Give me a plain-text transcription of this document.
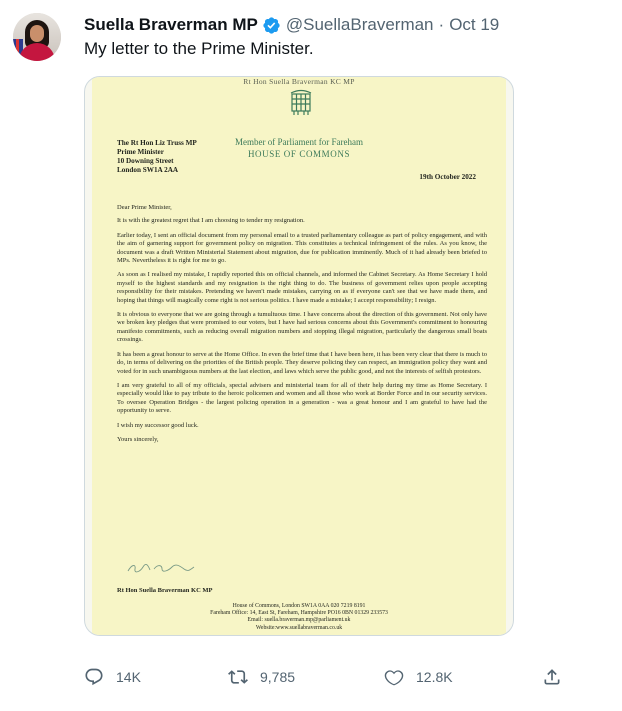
Suella Braverman MP @SuellaBraverman · Oct 19
My letter to the Prime Minister.
Rt Hon Suella Braverman KC MP
Member of Parliament for Fareham
HOUSE OF COMMONS
The Rt Hon Liz Truss MP
Prime Minister
10 Downing Street
London SW1A 2AA
19th October 2022

Dear Prime Minister,

It is with the greatest regret that I am choosing to tender my resignation.

Earlier today, I sent an official document from my personal email to a trusted parliamentary colleague as part of policy engagement, and with the aim of garnering support for government policy on migration. This constitutes a technical infringement of the rules. As you know, the document was a draft Written Ministerial Statement about migration, due for publication imminently. Much of it had already been briefed to MPs. Nevertheless it is right for me to go.

As soon as I realised my mistake, I rapidly reported this on official channels, and informed the Cabinet Secretary. As Home Secretary I hold myself to the highest standards and my resignation is the right thing to do. The business of government relies upon people accepting responsibility for their mistakes. Pretending we haven't made mistakes, carrying on as if everyone can't see that we have made them, and hoping that things will magically come right is not serious politics. I have made a mistake; I accept responsibility; I resign.

It is obvious to everyone that we are going through a tumultuous time. I have concerns about the direction of this government. Not only have we broken key pledges that were promised to our voters, but I have had serious concerns about this Government's commitment to honouring manifesto commitments, such as reducing overall migration numbers and stopping illegal migration, particularly the dangerous small boats crossings.

It has been a great honour to serve at the Home Office. In even the brief time that I have been here, it has been very clear that there is much to do, in terms of delivering on the priorities of the British people. They deserve policing they can respect, an immigration policy they want and voted for in such unambiguous numbers at the last election, and laws which serve the public good, and not the interests of selfish protestors.

I am very grateful to all of my officials, special advisers and ministerial team for all of their help during my time as Home Secretary. I especially would like to pay tribute to the heroic policemen and women and all those who work at Border Force and in our security services. To oversee Operation Bridges - the largest policing operation in a generation - was a great honour and I am grateful to have had the opportunity to serve.

I wish my successor good luck.

Yours sincerely,

Rt Hon Suella Braverman KC MP
House of Commons, London SW1A 0AA 020 7219 8191
Fareham Office: 14, East St, Fareham, Hampshire PO16 0BN 01329 233573
Email: suella.braverman.mp@parliament.uk
Website:www.suellabraverman.co.uk
14K	9,785	12.8K
